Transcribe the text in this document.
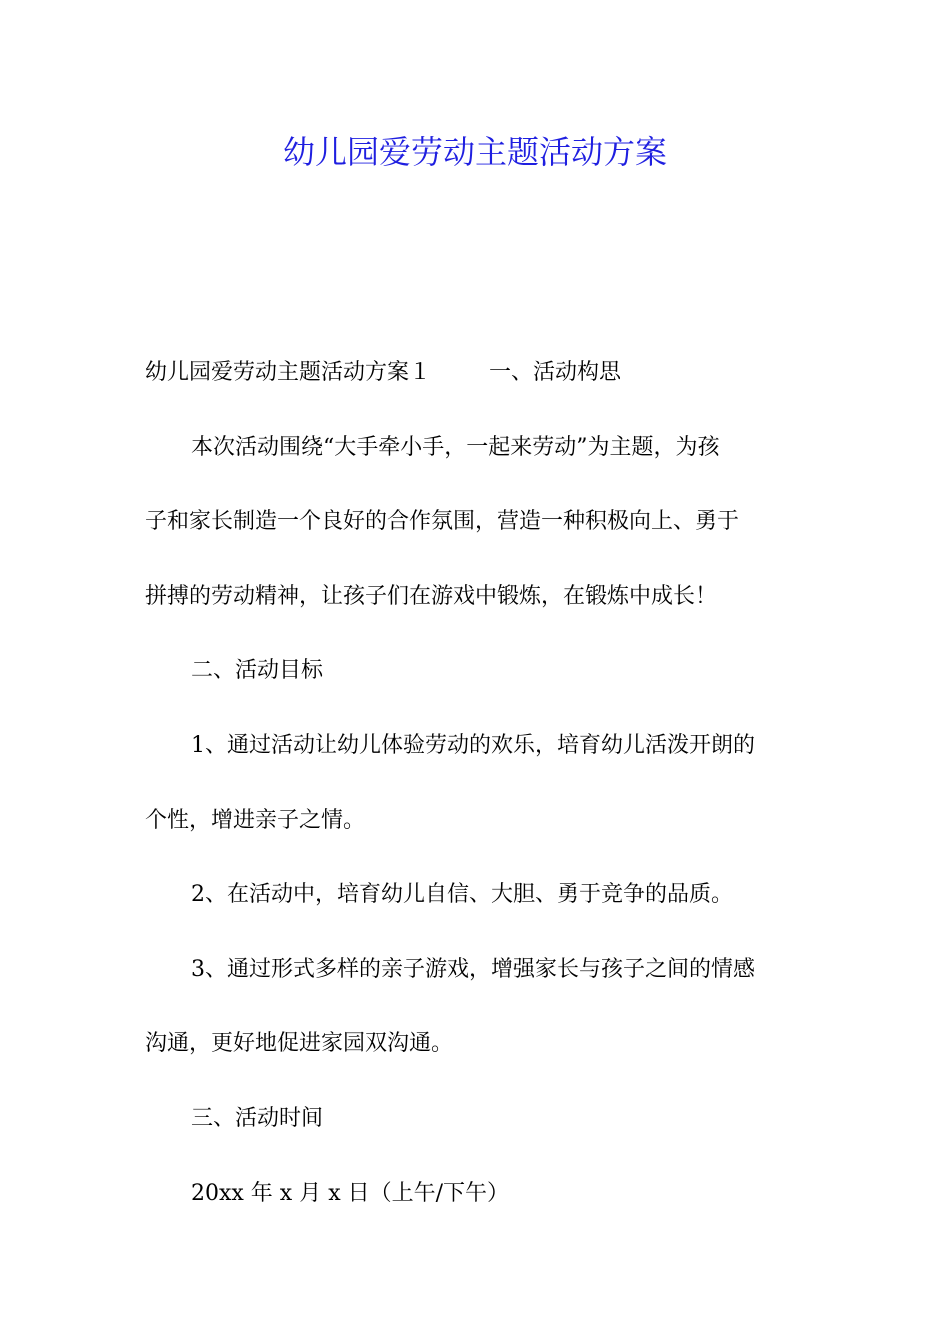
幼儿园爱劳动主题活动方案
幼儿园爱劳动主题活动方案１	一、活动构思
本次活动围绕“大手牵小手，一起来劳动”为主题，为孩
子和家长制造一个良好的合作氛围，营造一种积极向上、勇于
拼搏的劳动精神，让孩子们在游戏中锻炼，在锻炼中成长！
二、活动目标
1、通过活动让幼儿体验劳动的欢乐，培育幼儿活泼开朗的
个性，增进亲子之情。
2、在活动中，培育幼儿自信、大胆、勇于竞争的品质。
3、通过形式多样的亲子游戏，增强家长与孩子之间的情感
沟通，更好地促进家园双沟通。
三、活动时间
20xx 年 x 月 x 日（上午/下午）
